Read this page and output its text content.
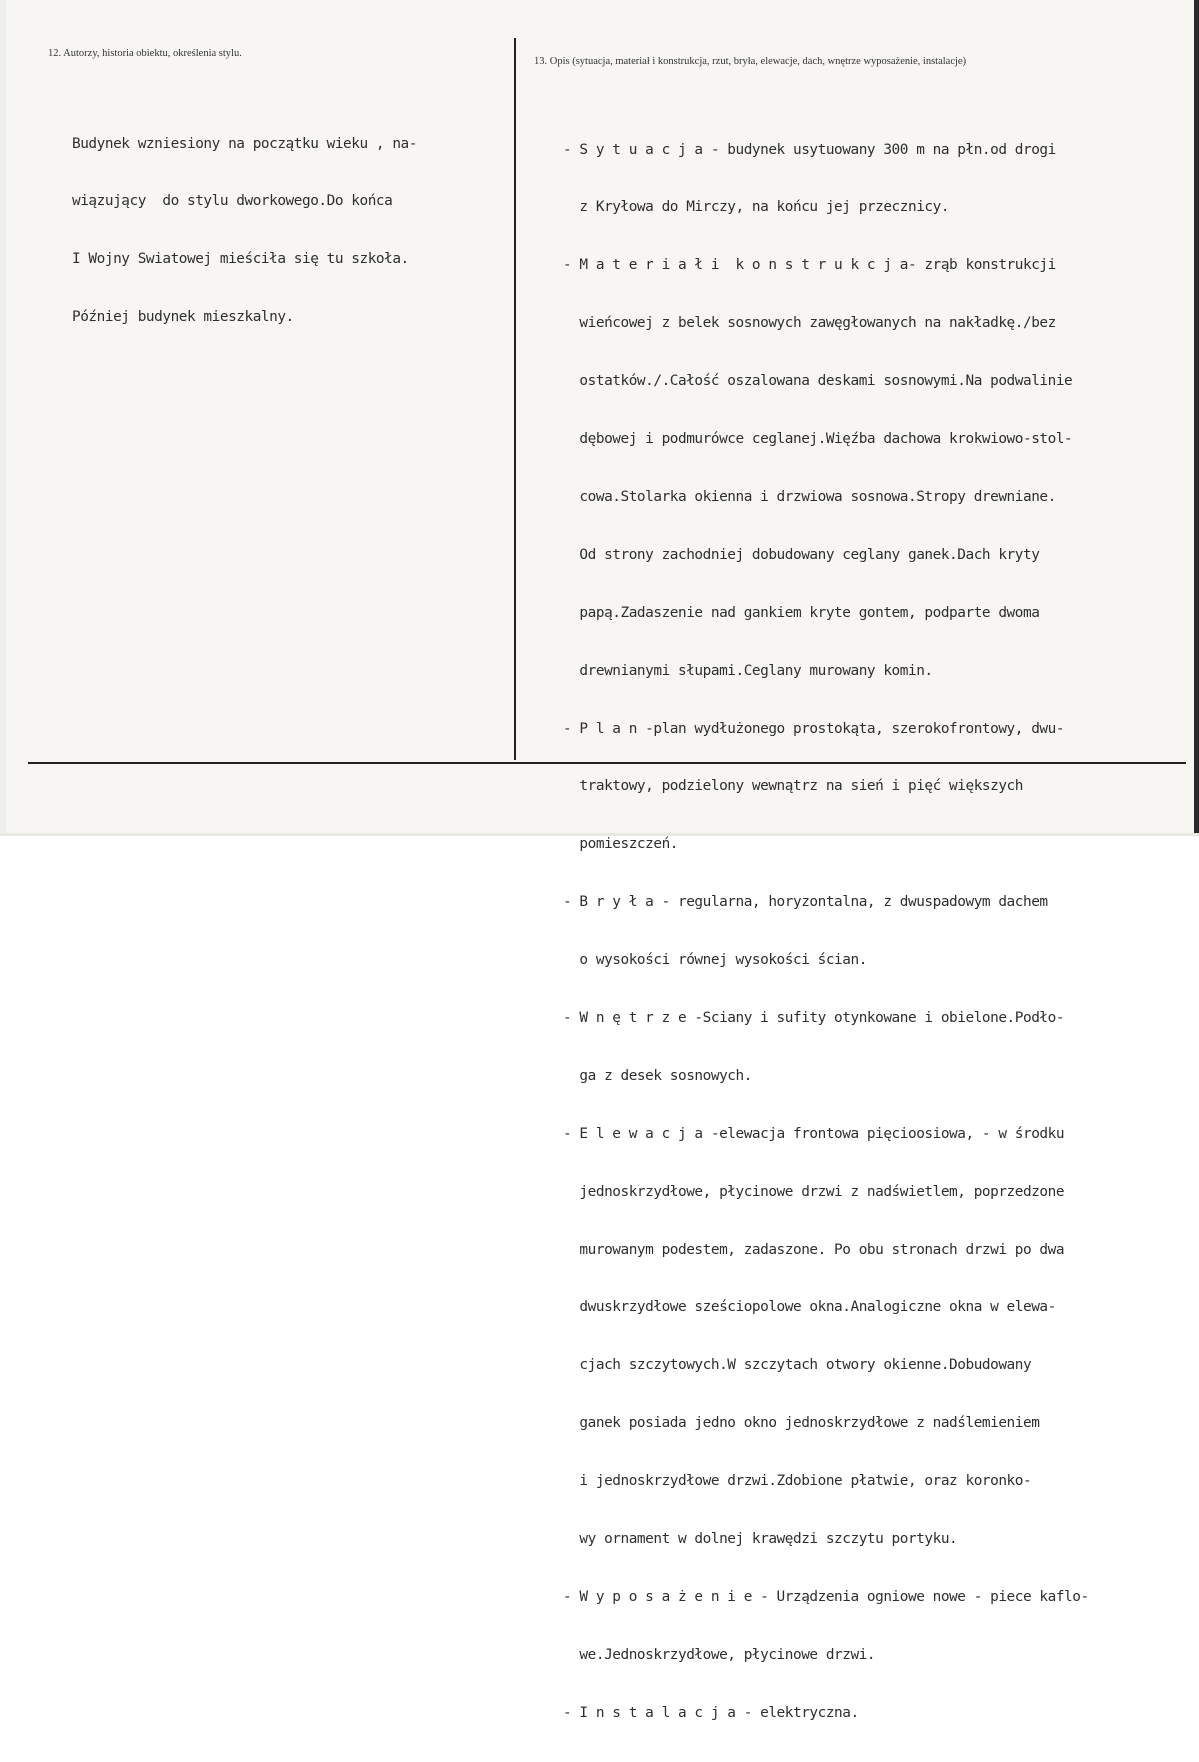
12. Autorzy, historia obiektu, określenia stylu.
13. Opis (sytuacja, materiał i konstrukcja, rzut, bryła, elewacje, dach, wnętrze wyposażenie, instalacje)

Budynek wzniesiony na początku wieku , na-

wiązujący  do stylu dworkowego.Do końca

I Wojny Swiatowej mieściła się tu szkoła.

Później budynek mieszkalny.

- S y t u a c j a - budynek usytuowany 300 m na płn.od drogi

z Kryłowa do Mirczy, na końcu jej przecznicy.

- M a t e r i a ł i  k o n s t r u k c j a- zrąb konstrukcji

wieńcowej z belek sosnowych zawęgłowanych na nakładkę./bez

ostatków./.Całość oszalowana deskami sosnowymi.Na podwalinie

dębowej i podmurówce ceglanej.Więźba dachowa krokwiowo-stol-

cowa.Stolarka okienna i drzwiowa sosnowa.Stropy drewniane.

Od strony zachodniej dobudowany ceglany ganek.Dach kryty

papą.Zadaszenie nad gankiem kryte gontem, podparte dwoma

drewnianymi słupami.Ceglany murowany komin.

- P l a n -plan wydłużonego prostokąta, szerokofrontowy, dwu-

traktowy, podzielony wewnątrz na sień i pięć większych

pomieszczeń.

- B r y ł a - regularna, horyzontalna, z dwuspadowym dachem

o wysokości równej wysokości ścian.

- W n ę t r z e -Sciany i sufity otynkowane i obielone.Podło-

ga z desek sosnowych.

- E l e w a c j a -elewacja frontowa pięcioosiowa, - w środku

jednoskrzydłowe, płycinowe drzwi z nadświetlem, poprzedzone

murowanym podestem, zadaszone. Po obu stronach drzwi po dwa

dwuskrzydłowe sześciopolowe okna.Analogiczne okna w elewa-

cjach szczytowych.W szczytach otwory okienne.Dobudowany

ganek posiada jedno okno jednoskrzydłowe z nadślemieniem

i jednoskrzydłowe drzwi.Zdobione płatwie, oraz koronko-

wy ornament w dolnej krawędzi szczytu portyku.

- W y p o s a ż e n i e - Urządzenia ogniowe nowe - piece kaflo-

we.Jednoskrzydłowe, płycinowe drzwi.

- I n s t a l a c j a - elektryczna.
